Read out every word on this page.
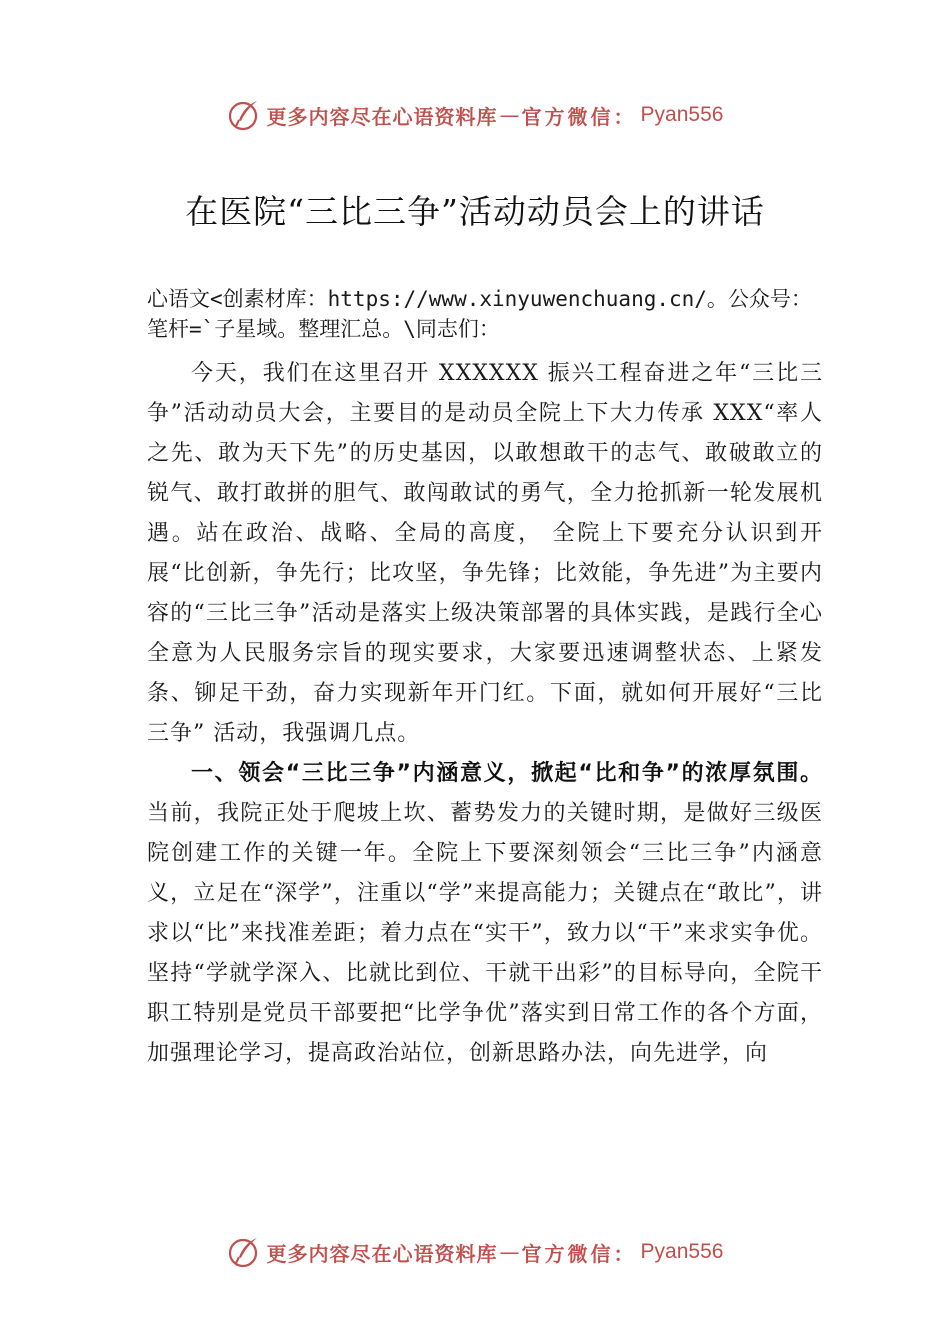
更多内容尽在心语资料库 — 官方微信： Pyan556
在医院“三比三争”活动动员会上的讲话

心语文<创素材库：https://www.xinyuwenchuang.cn/。公众号：笔杆=`子星域。整理汇总。\同志们：

今天，我们在这里召开 XXXXXX 振兴工程奋进之年“三比三争”活动动员大会，主要目的是动员全院上下大力传承 XXX“率人之先、敢为天下先”的历史基因，以敢想敢干的志气、敢破敢立的锐气、敢打敢拼的胆气、敢闯敢试的勇气，全力抢抓新一轮发展机遇。站在政治、战略、全局的高度， 全院上下要充分认识到开展“比创新，争先行；比攻坚，争先锋；比效能，争先进”为主要内容的“三比三争”活动是落实上级决策部署的具体实践，是践行全心全意为人民服务宗旨的现实要求，大家要迅速调整状态、上紧发条、铆足干劲，奋力实现新年开门红。下面，就如何开展好“三比三争” 活动，我强调几点。

一、领会“三比三争”内涵意义，掀起“比和争”的浓厚氛围。当前，我院正处于爬坡上坎、蓄势发力的关键时期，是做好三级医院创建工作的关键一年。全院上下要深刻领会“三比三争”内涵意义，立足在“深学”，注重以“学”来提高能力；关键点在“敢比”，讲求以“比”来找准差距；着力点在“实干”，致力以“干”来求实争优。坚持“学就学深入、比就比到位、干就干出彩”的目标导向，全院干职工特别是党员干部要把“比学争优”落实到日常工作的各个方面，加强理论学习，提高政治站位，创新思路办法，向先进学，向

更多内容尽在心语资料库 — 官方微信： Pyan556
